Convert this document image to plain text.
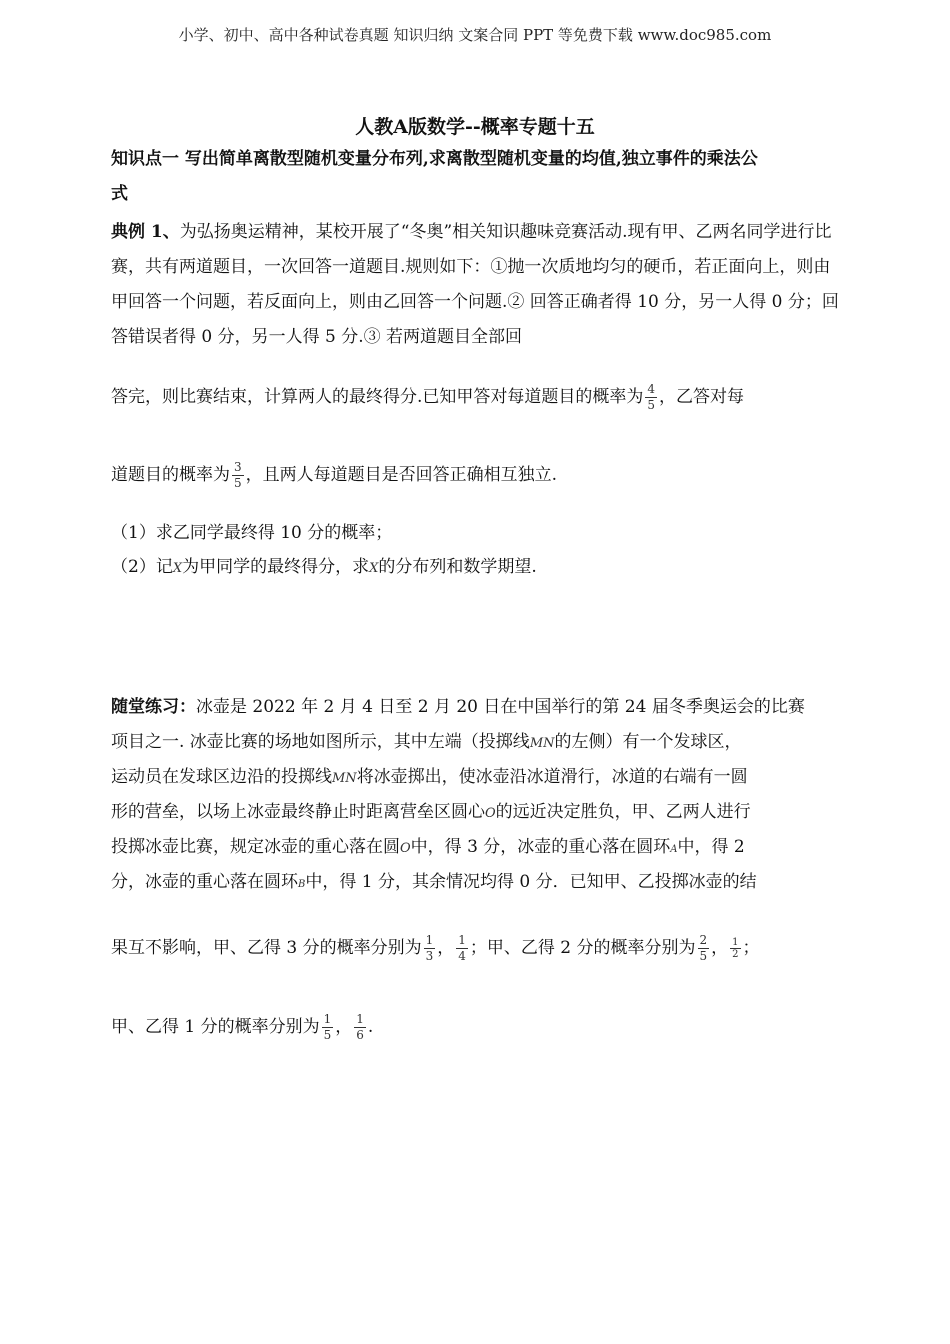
小学、初中、高中各种试卷真题 知识归纳 文案合同 PPT 等免费下载 www.doc985.com
人教A版数学--概率专题十五
知识点一 写出简单离散型随机变量分布列,求离散型随机变量的均值,独立事件的乘法公
式
典例 1、为弘扬奥运精神，某校开展了“冬奥”相关知识趣味竞赛活动.现有甲、乙两名同学进行比赛，共有两道题目，一次回答一道题目.规则如下：①抛一次质地均匀的硬币，若正面向上，则由甲回答一个问题，若反面向上，则由乙回答一个问题.② 回答正确者得 10 分，另一人得 0 分；回答错误者得 0 分，另一人得 5 分.③ 若两道题目全部回
答完，则比赛结束，计算两人的最终得分.已知甲答对每道题目的概率为 $\frac{4}{5}$ ，乙答对每
道题目的概率为 $\frac{3}{5}$ ，且两人每道题目是否回答正确相互独立.
（1）求乙同学最终得 10 分的概率；
（2）记X为甲同学的最终得分，求X的分布列和数学期望.
随堂练习：冰壶是 2022 年 2 月 4 日至 2 月 20 日在中国举行的第 24 届冬季奥运会的比赛
项目之一. 冰壶比赛的场地如图所示，其中左端（投掷线MN的左侧）有一个发球区，
运动员在发球区边沿的投掷线MN将冰壶掷出，使冰壶沿冰道滑行，冰道的右端有一圆
形的营垒，以场上冰壶最终静止时距离营垒区圆心O的远近决定胜负，甲、乙两人进行
投掷冰壶比赛，规定冰壶的重心落在圆O中，得 3 分，冰壶的重心落在圆环A中，得 2
分，冰壶的重心落在圆环B中，得 1 分，其余情况均得 0 分．已知甲、乙投掷冰壶的结
果互不影响，甲、乙得 3 分的概率分别为 $\frac{1}{3}$ ， $\frac{1}{4}$ ；甲、乙得 2 分的概率分别为 $\frac{2}{5}$ ， $\frac{1}{2}$ ；
甲、乙得 1 分的概率分别为 $\frac{1}{5}$ ， $\frac{1}{6}$ .
